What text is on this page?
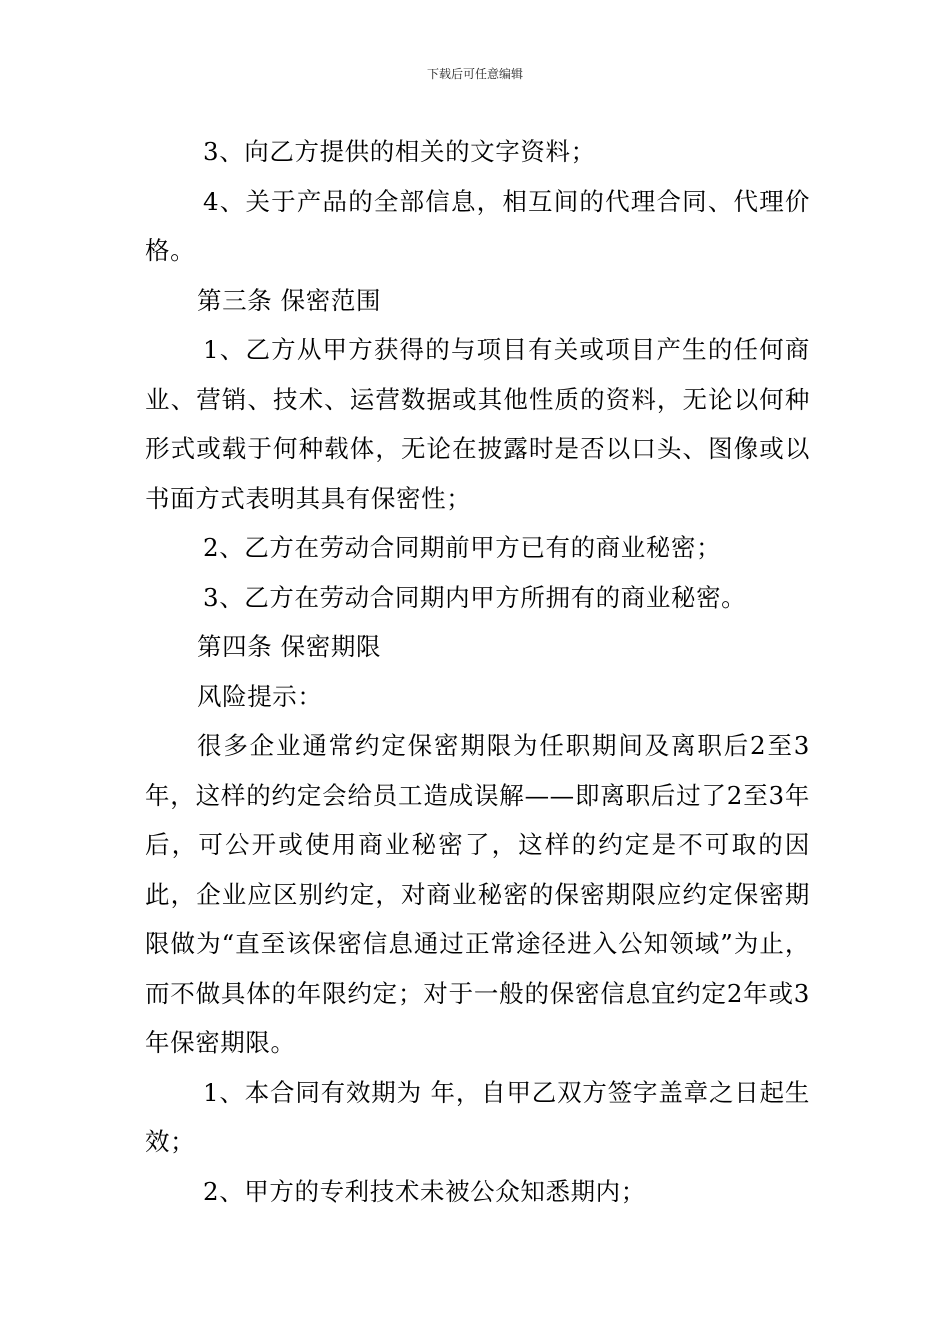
下载后可任意编辑

3、向乙方提供的相关的文字资料；

4、关于产品的全部信息，相互间的代理合同、代理价格。

第三条 保密范围

1、乙方从甲方获得的与项目有关或项目产生的任何商业、营销、技术、运营数据或其他性质的资料，无论以何种形式或载于何种载体，无论在披露时是否以口头、图像或以书面方式表明其具有保密性；

2、乙方在劳动合同期前甲方已有的商业秘密；

3、乙方在劳动合同期内甲方所拥有的商业秘密。

第四条 保密期限

风险提示：

很多企业通常约定保密期限为任职期间及离职后2至3年，这样的约定会给员工造成误解——即离职后过了2至3年后，可公开或使用商业秘密了，这样的约定是不可取的因此，企业应区别约定，对商业秘密的保密期限应约定保密期限做为“直至该保密信息通过正常途径进入公知领域”为止，而不做具体的年限约定；对于一般的保密信息宜约定2年或3年保密期限。

1、本合同有效期为 年，自甲乙双方签字盖章之日起生效；

2、甲方的专利技术未被公众知悉期内；
